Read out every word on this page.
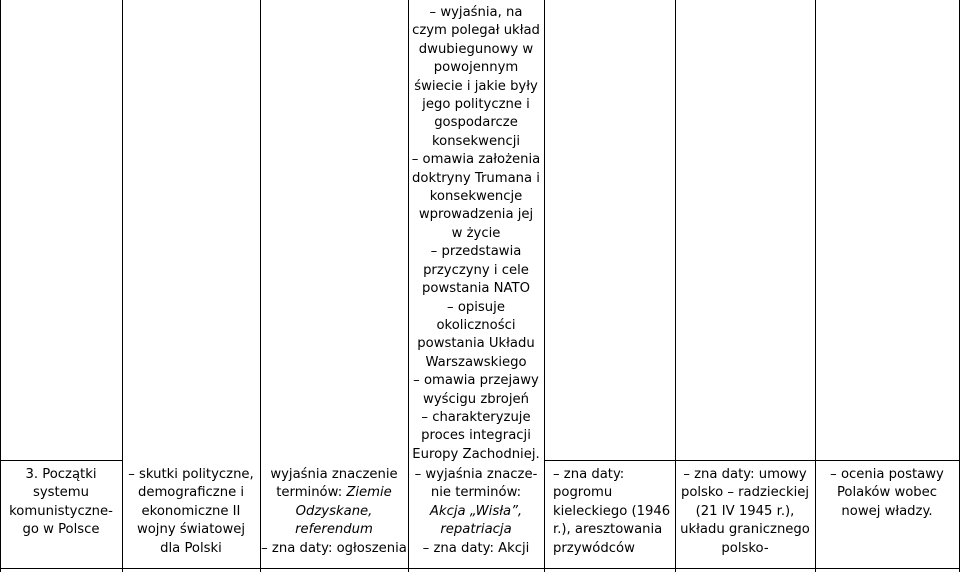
3. Początki

systemu

komunistyczne-

go w Polsce

– skutki polityczne,

demograficzne i

ekonomiczne II

wojny światowej

dla Polski

wyjaśnia znaczenie

terminów: Ziemie

Odzyskane,

referendum

– zna daty: ogłoszenia

– wyjaśnia, na

czym polegał układ

dwubiegunowy w

powojennym

świecie i jakie były

jego polityczne i

gospodarcze

konsekwencji

– omawia założenia

doktryny Trumana i

konsekwencje

wprowadzenia jej

w życie

– przedstawia

przyczyny i cele

powstania NATO

– opisuje

okoliczności

powstania Układu

Warszawskiego

– omawia przejawy

wyścigu zbrojeń

– charakteryzuje

proces integracji

Europy Zachodniej.

– wyjaśnia znacze-

nie terminów:

Akcja „Wisła”,

repatriacja

– zna daty: Akcji

– zna daty:

pogromu

kieleckiego (1946

r.), aresztowania

przywódców

– zna daty: umowy

polsko – radzieckiej

(21 IV 1945 r.),

układu granicznego

polsko-

– ocenia postawy

Polaków wobec

nowej władzy.
